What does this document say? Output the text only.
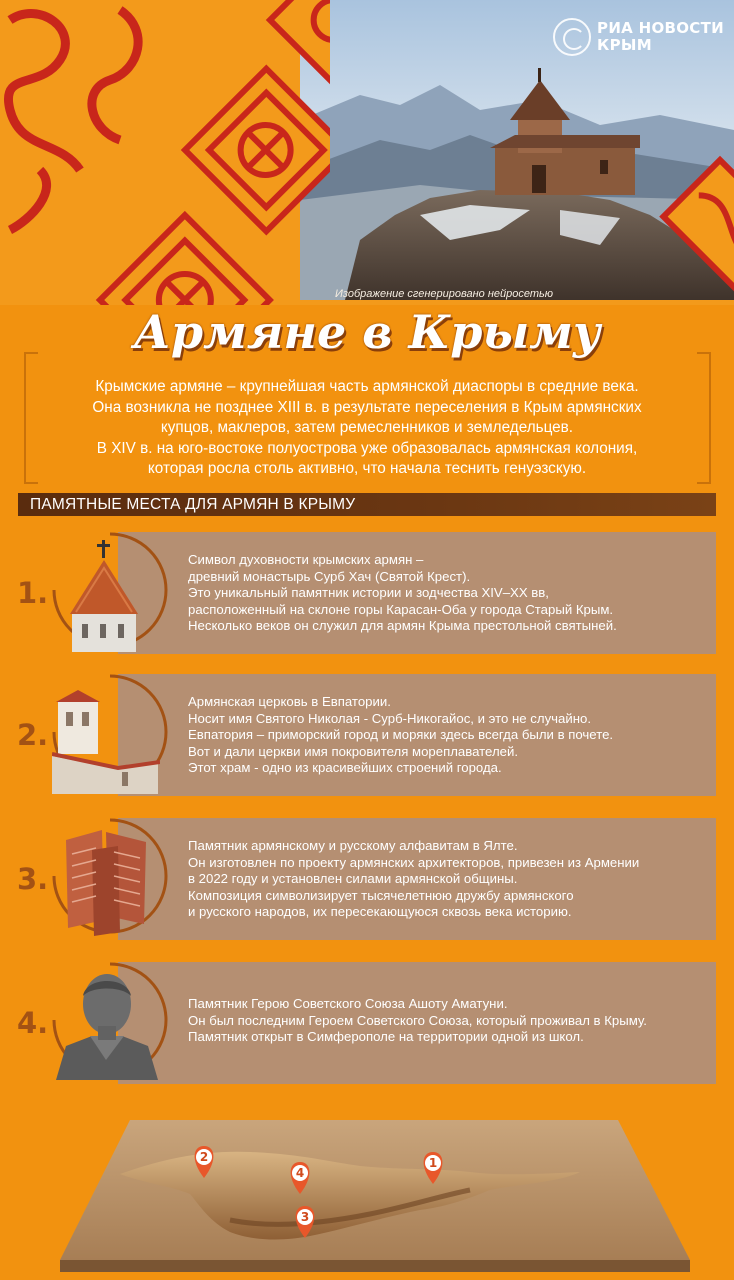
РИА НОВОСТИ
КРЫМ
Изображение сгенерировано нейросетью
Армяне в Крыму

Крымские армяне – крупнейшая часть армянской диаспоры в средние века.

Она возникла не позднее XIII в. в результате переселения в Крым армянских

купцов, маклеров, затем ремесленников и земледельцев.

В XIV в. на юго-востоке полуострова уже образовалась армянская колония,

которая росла столь активно, что начала теснить генуэзскую.

ПАМЯТНЫЕ МЕСТА ДЛЯ АРМЯН В КРЫМУ
Символ духовности крымских армян –
древний монастырь Сурб Хач (Святой Крест).
Это уникальный памятник истории и зодчества XIV–XX вв,
расположенный на склоне горы Карасан-Оба у города Старый Крым.
Несколько веков он служил для армян Крыма престольной святыней.
1.
Армянская церковь в Евпатории.
Носит имя Святого Николая - Сурб-Никогайос, и это не случайно.
Евпатория – приморский город и моряки здесь всегда были в почете.
Вот и дали церкви имя покровителя мореплавателей.
Этот храм - одно из красивейших строений города.
2.
Памятник армянскому и русскому алфавитам в Ялте.
Он изготовлен по проекту армянских архитекторов, привезен из Армении
в 2022 году и установлен силами армянской общины.
Композиция символизирует тысячелетнюю дружбу армянского
и русского народов, их пересекающуюся сквозь века историю.
3.
Памятник Герою Советского Союза Ашоту Аматуни.
Он был последним Героем Советского Союза, который проживал в Крыму.
Памятник открыт в Симферополе на территории одной из школ.
4.
1
2
3
4
